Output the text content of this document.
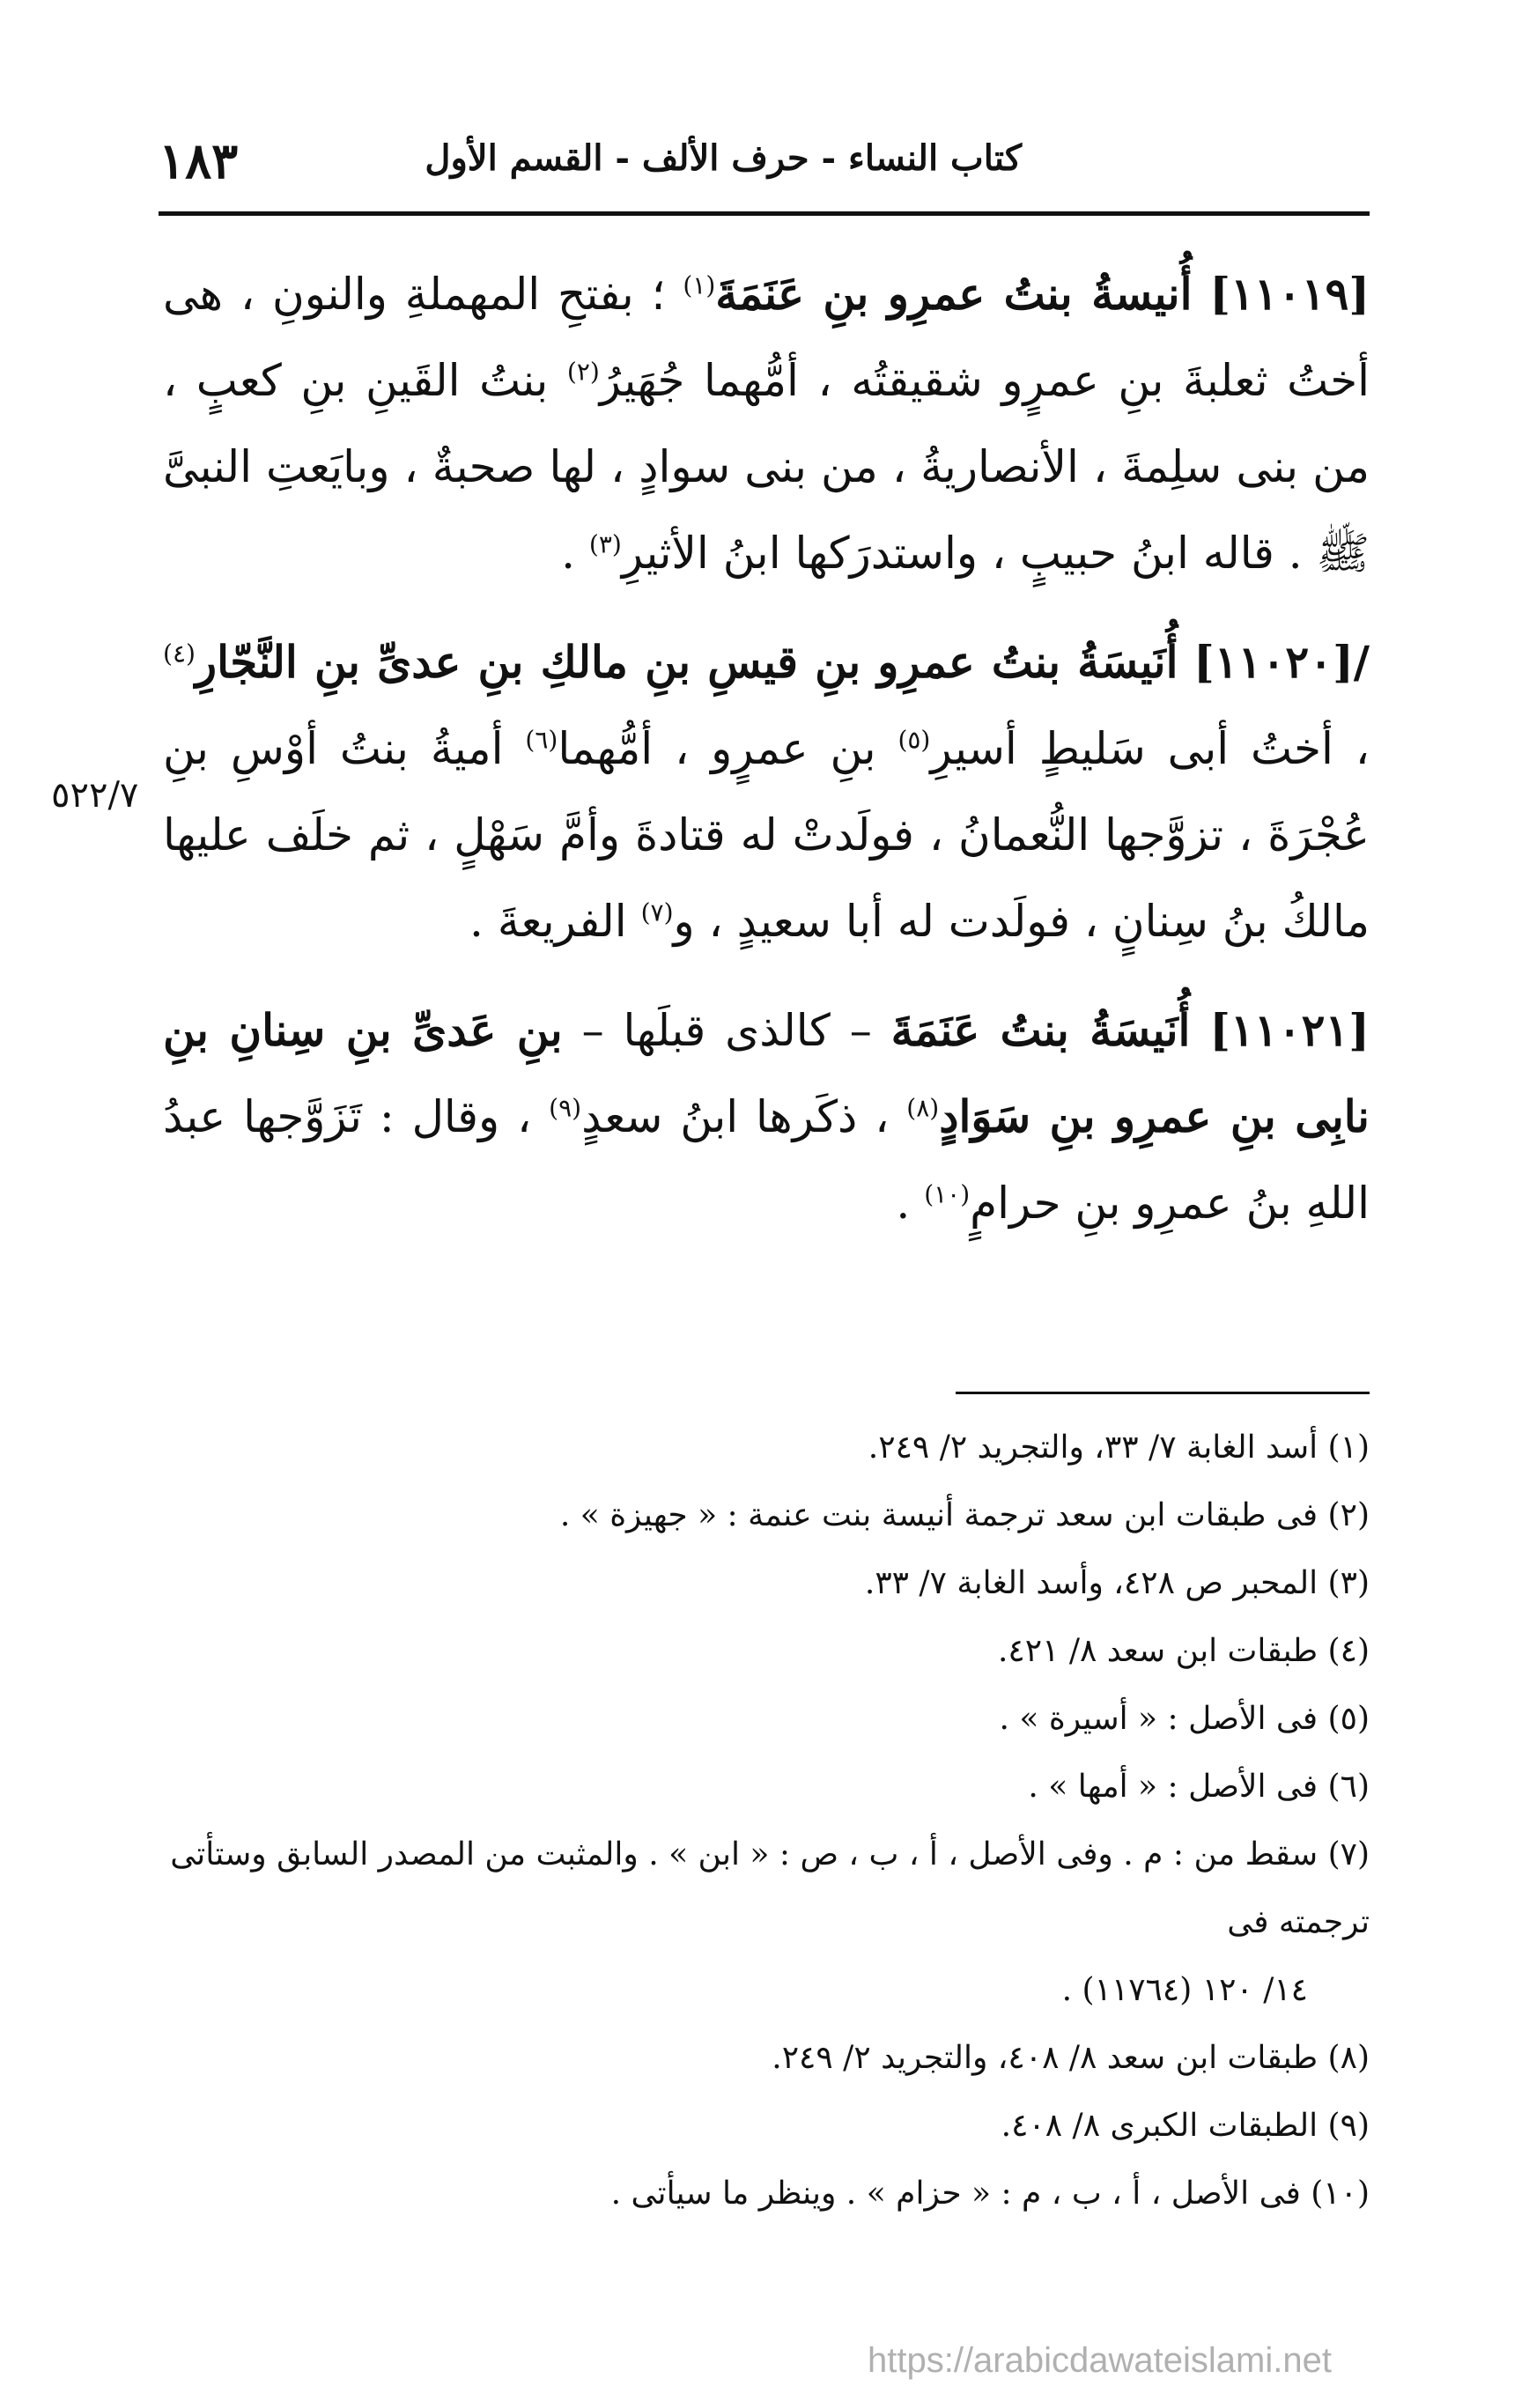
١٨٣	كتاب النساء - حرف الألف - القسم الأول

[١١٠١٩] أُنيسةُ بنتُ عمرِو بنِ عَنَمَةَ$^{(١)}$ ؛ بفتحِ المهملةِ والنونِ ، هى أختُ ثعلبةَ بنِ عمرٍو شقيقتُه ، أمُّهما جُهَيرُ$^{(٢)}$ بنتُ القَينِ بنِ كعبٍ ، من بنى سلِمةَ ، الأنصاريةُ ، من بنى سوادٍ ، لها صحبةٌ ، وبايَعتِ النبىَّ ﷺ . قاله ابنُ حبيبٍ ، واستدرَكها ابنُ الأثيرِ$^{(٣)}$ .

/[١١٠٢٠] أُنَيسَةُ بنتُ عمرِو بنِ قيسِ بنِ مالكِ بنِ عدىِّ بنِ النَّجّارِ$^{(٤)}$ ، أختُ أبى سَليطٍ أسيرِ$^{(٥)}$ بنِ عمرٍو ، أمُّهما$^{(٦)}$ أميةُ بنتُ أوْسِ بنِ عُجْرَةَ ، تزوَّجها النُّعمانُ ، فولَدتْ له قتادةَ وأمَّ سَهْلٍ ، ثم خلَف عليها مالكُ بنُ سِنانٍ ، فولَدت له أبا سعيدٍ ، و$^{(٧)}$ الفريعةَ .

[١١٠٢١] أُنَيسَةُ بنتُ عَنَمَةَ – كالذى قبلَها – بنِ عَدىِّ بنِ سِنانِ بنِ نابِى بنِ عمرِو بنِ سَوَادٍ$^{(٨)}$ ، ذكَرها ابنُ سعدٍ$^{(٩)}$ ، وقال : تَزَوَّجها عبدُ اللهِ بنُ عمرِو بنِ حرامٍ$^{(١٠)}$ .

٥٢٢/٧

(١) أسد الغابة ٧/ ٣٣، والتجريد ٢/ ٢٤٩.

(٢) فى طبقات ابن سعد ترجمة أنيسة بنت عنمة : « جهيزة » .

(٣) المحبر ص ٤٢٨، وأسد الغابة ٧/ ٣٣.

(٤) طبقات ابن سعد ٨/ ٤٢١.

(٥) فى الأصل : « أسيرة » .

(٦) فى الأصل : « أمها » .

(٧) سقط من : م . وفى الأصل ، أ ، ب ، ص : « ابن » . والمثبت من المصدر السابق وستأتى ترجمته فى

١٤/ ١٢٠ (١١٧٦٤) .

(٨) طبقات ابن سعد ٨/ ٤٠٨، والتجريد ٢/ ٢٤٩.

(٩) الطبقات الكبرى ٨/ ٤٠٨.

(١٠) فى الأصل ، أ ، ب ، م : « حزام » . وينظر ما سيأتى .

https://arabicdawateislami.net
